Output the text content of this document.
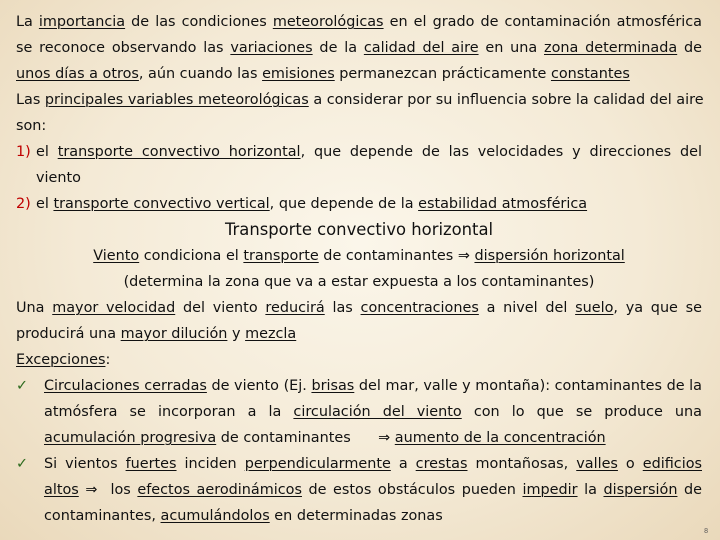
La importancia de las condiciones meteorológicas en el grado de contaminación atmosférica
se reconoce observando las variaciones de la calidad del aire en una zona determinada de
unos días a otros, aún cuando las emisiones permanezcan prácticamente constantes
Las principales variables meteorológicas a considerar por su influencia sobre la calidad del aire
son:
1) el transporte convectivo horizontal, que depende de las velocidades y direcciones del
viento
2) el transporte convectivo vertical, que depende de la estabilidad atmosférica
Transporte convectivo horizontal
Viento condiciona el transporte de contaminantes ⇒ dispersión horizontal
(determina la zona que va a estar expuesta a los contaminantes)
Una mayor velocidad del viento reducirá las concentraciones a nivel del suelo, ya que se
producirá una mayor dilución y mezcla
Excepciones:
✓ Circulaciones cerradas de viento (Ej. brisas del mar, valle y montaña): contaminantes de la
atmósfera se incorporan a la circulación del viento con lo que se produce una
acumulación progresiva de contaminantes      ⇒ aumento de la concentración
✓ Si vientos fuertes inciden perpendicularmente a crestas montañosas, valles o edificios
altos ⇒  los efectos aerodinámicos de estos obstáculos pueden impedir la dispersión de
contaminantes, acumulándolos en determinadas zonas
8
